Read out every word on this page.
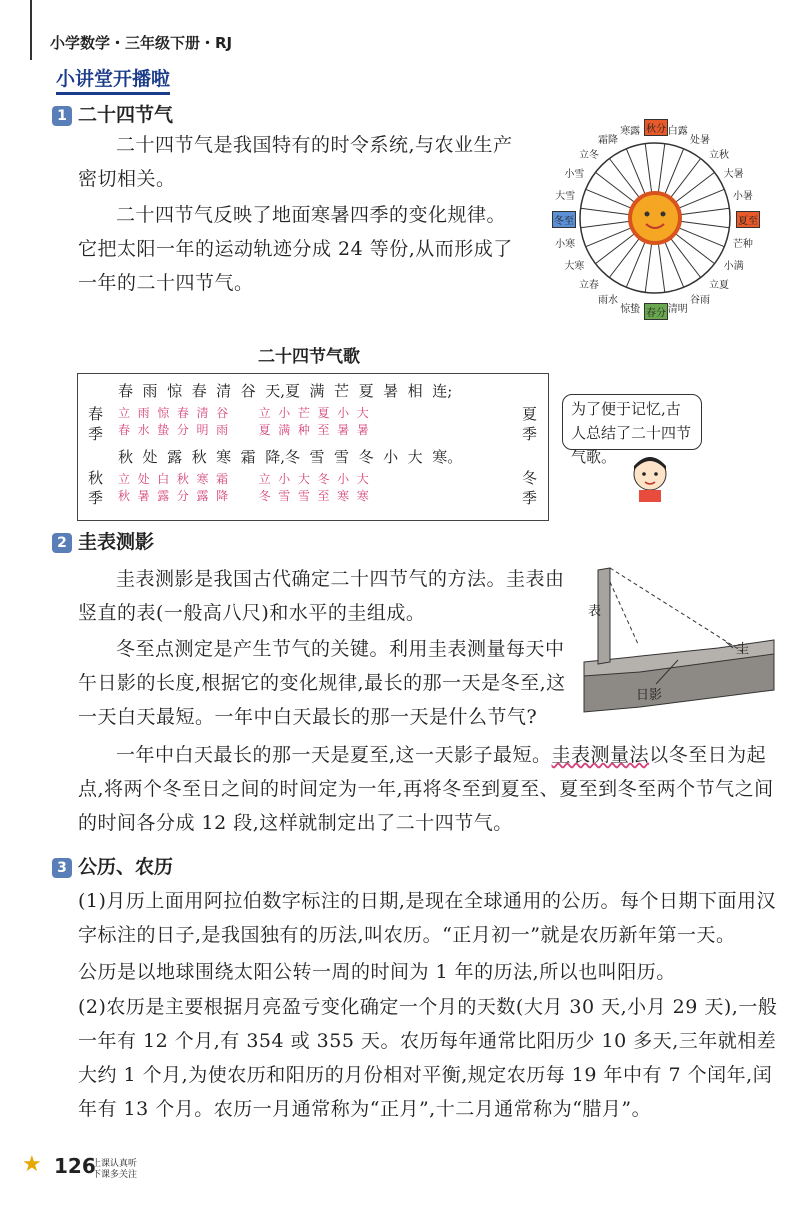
小学数学・三年级下册・RJ
小讲堂开播啦
1 二十四节气

二十四节气是我国特有的时令系统,与农业生产密切相关。

二十四节气反映了地面寒暑四季的变化规律。它把太阳一年的运动轨迹分成 24 等份,从而形成了一年的二十四节气。

秋分 白露
处暑
立秋
大暑
小暑
夏至
芒种
小满
立夏
谷雨
清明
春分
惊蛰
雨水
立春
大寒
小寒
冬至
大雪
小雪
立冬
霜降
寒露
二十四节气歌
春季
秋季
夏季
冬季
春  雨  惊  春  清  谷  天,夏  满  芒  夏  暑  相  连;
立  雨  惊  春  清  谷        立  小  芒  夏  小  大
春  水  蛰  分  明  雨        夏  满  种  至  暑  暑
秋  处  露  秋  寒  霜  降,冬  雪  雪  冬  小  大  寒。
立  处  白  秋  寒  霜        立  小  大  冬  小  大
秋  暑  露  分  露  降        冬  雪  雪  至  寒  寒
为了便于记忆,古人总结了二十四节气歌。
2 圭表测影

圭表测影是我国古代确定二十四节气的方法。圭表由竖直的表(一般高八尺)和水平的圭组成。

冬至点测定是产生节气的关键。利用圭表测量每天中午日影的长度,根据它的变化规律,最长的那一天是冬至,这一天白天最短。一年中白天最长的那一天是什么节气?

表
圭
日影

一年中白天最长的那一天是夏至,这一天影子最短。圭表测量法以冬至日为起点,将两个冬至日之间的时间定为一年,再将冬至到夏至、夏至到冬至两个节气之间的时间各分成 12 段,这样就制定出了二十四节气。

3 公历、农历

(1)月历上面用阿拉伯数字标注的日期,是现在全球通用的公历。每个日期下面用汉字标注的日子,是我国独有的历法,叫农历。“正月初一”就是农历新年第一天。

公历是以地球围绕太阳公转一周的时间为 1 年的历法,所以也叫阳历。

(2)农历是主要根据月亮盈亏变化确定一个月的天数(大月 30 天,小月 29 天),一般一年有 12 个月,有 354 或 355 天。农历每年通常比阳历少 10 多天,三年就相差大约 1 个月,为使农历和阳历的月份相对平衡,规定农历每 19 年中有 7 个闰年,闰年有 13 个月。农历一月通常称为“正月”,十二月通常称为“腊月”。

★ 126
上课认真听
下课多关注
